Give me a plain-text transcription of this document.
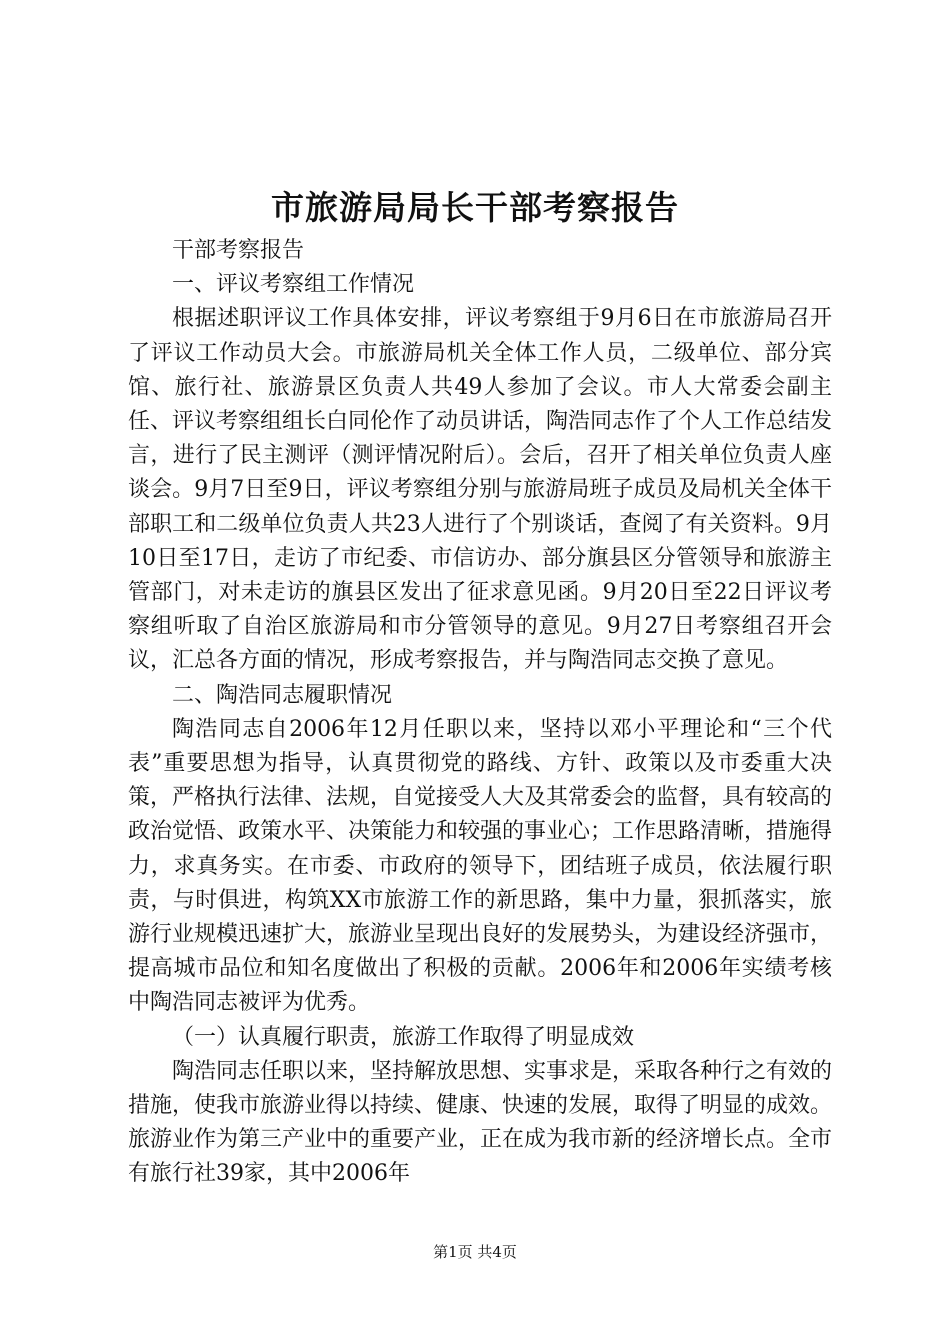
市旅游局局长干部考察报告

干部考察报告

一、评议考察组工作情况

根据述职评议工作具体安排，评议考察组于9月6日在市旅游局召开了评议工作动员大会。市旅游局机关全体工作人员，二级单位、部分宾馆、旅行社、旅游景区负责人共49人参加了会议。市人大常委会副主任、评议考察组组长白同伦作了动员讲话，陶浩同志作了个人工作总结发言，进行了民主测评（测评情况附后）。会后，召开了相关单位负责人座谈会。9月7日至9日，评议考察组分别与旅游局班子成员及局机关全体干部职工和二级单位负责人共23人进行了个别谈话，查阅了有关资料。9月10日至17日，走访了市纪委、市信访办、部分旗县区分管领导和旅游主管部门，对未走访的旗县区发出了征求意见函。9月20日至22日评议考察组听取了自治区旅游局和市分管领导的意见。9月27日考察组召开会议，汇总各方面的情况，形成考察报告，并与陶浩同志交换了意见。

二、陶浩同志履职情况

陶浩同志自2006年12月任职以来，坚持以邓小平理论和“三个代表”重要思想为指导，认真贯彻党的路线、方针、政策以及市委重大决策，严格执行法律、法规，自觉接受人大及其常委会的监督，具有较高的政治觉悟、政策水平、决策能力和较强的事业心；工作思路清晰，措施得力，求真务实。在市委、市政府的领导下，团结班子成员，依法履行职责，与时俱进，构筑XX市旅游工作的新思路，集中力量，狠抓落实，旅游行业规模迅速扩大，旅游业呈现出良好的发展势头，为建设经济强市，提高城市品位和知名度做出了积极的贡献。2006年和2006年实绩考核中陶浩同志被评为优秀。

（一）认真履行职责，旅游工作取得了明显成效

陶浩同志任职以来，坚持解放思想、实事求是，采取各种行之有效的措施，使我市旅游业得以持续、健康、快速的发展，取得了明显的成效。旅游业作为第三产业中的重要产业，正在成为我市新的经济增长点。全市有旅行社39家，其中2006年

第1页 共4页
